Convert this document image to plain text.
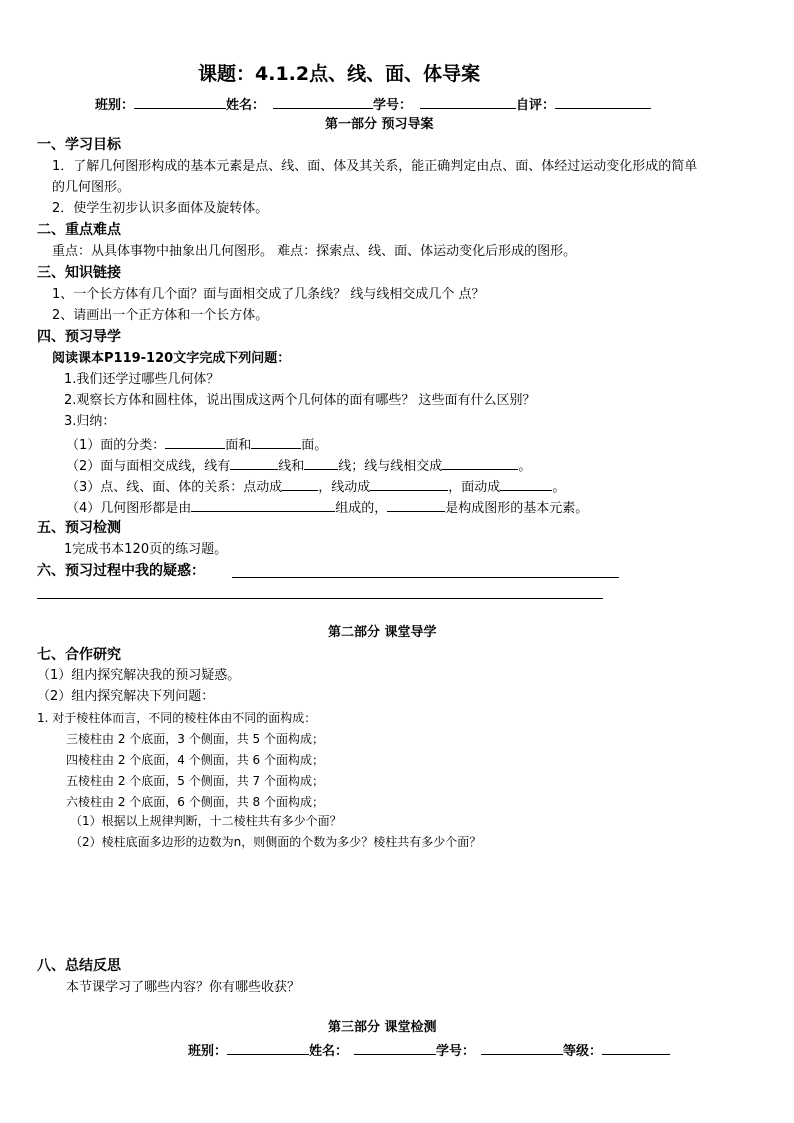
课题：4.1.2点、线、面、体导案
班别：	姓名：	学号：	自评：
第一部分 预习导案
一、学习目标
1．了解几何图形构成的基本元素是点、线、面、体及其关系，能正确判定由点、面、体经过运动变化形成的简单
的几何图形。
2．使学生初步认识多面体及旋转体。
二、重点难点
重点：从具体事物中抽象出几何图形。 难点：探索点、线、面、体运动变化后形成的图形。
三、知识链接
1、一个长方体有几个面？面与面相交成了几条线？ 线与线相交成几个 点？
2、请画出一个正方体和一个长方体。
四、预习导学
阅读课本P119-120文字完成下列问题：
1.我们还学过哪些几何体？
2.观察长方体和圆柱体，说出围成这两个几何体的面有哪些？ 这些面有什么区别？
3.归纳：
（1）面的分类：	面和	面。
（2）面与面相交成线，线有	线和	线；线与线相交成	。
（3）点、线、面、体的关系：点动成	，线动成	，面动成	。
（4）几何图形都是由	组成的，	是构成图形的基本元素。
五、预习检测
1完成书本120页的练习题。
六、预习过程中我的疑惑：
第二部分 课堂导学
七、合作研究
（1）组内探究解决我的预习疑惑。
（2）组内探究解决下列问题：
1. 对于棱柱体而言，不同的棱柱体由不同的面构成：
三棱柱由 2 个底面，3 个侧面，共 5 个面构成；
四棱柱由 2 个底面，4 个侧面，共 6 个面构成；
五棱柱由 2 个底面，5 个侧面，共 7 个面构成；
六棱柱由 2 个底面，6 个侧面，共 8 个面构成；
（1）根据以上规律判断，十二棱柱共有多少个面？
（2）棱柱底面多边形的边数为n，则侧面的个数为多少？棱柱共有多少个面？
八、总结反思
本节课学习了哪些内容？你有哪些收获？
第三部分 课堂检测
班别：	姓名：	学号：	等级：
